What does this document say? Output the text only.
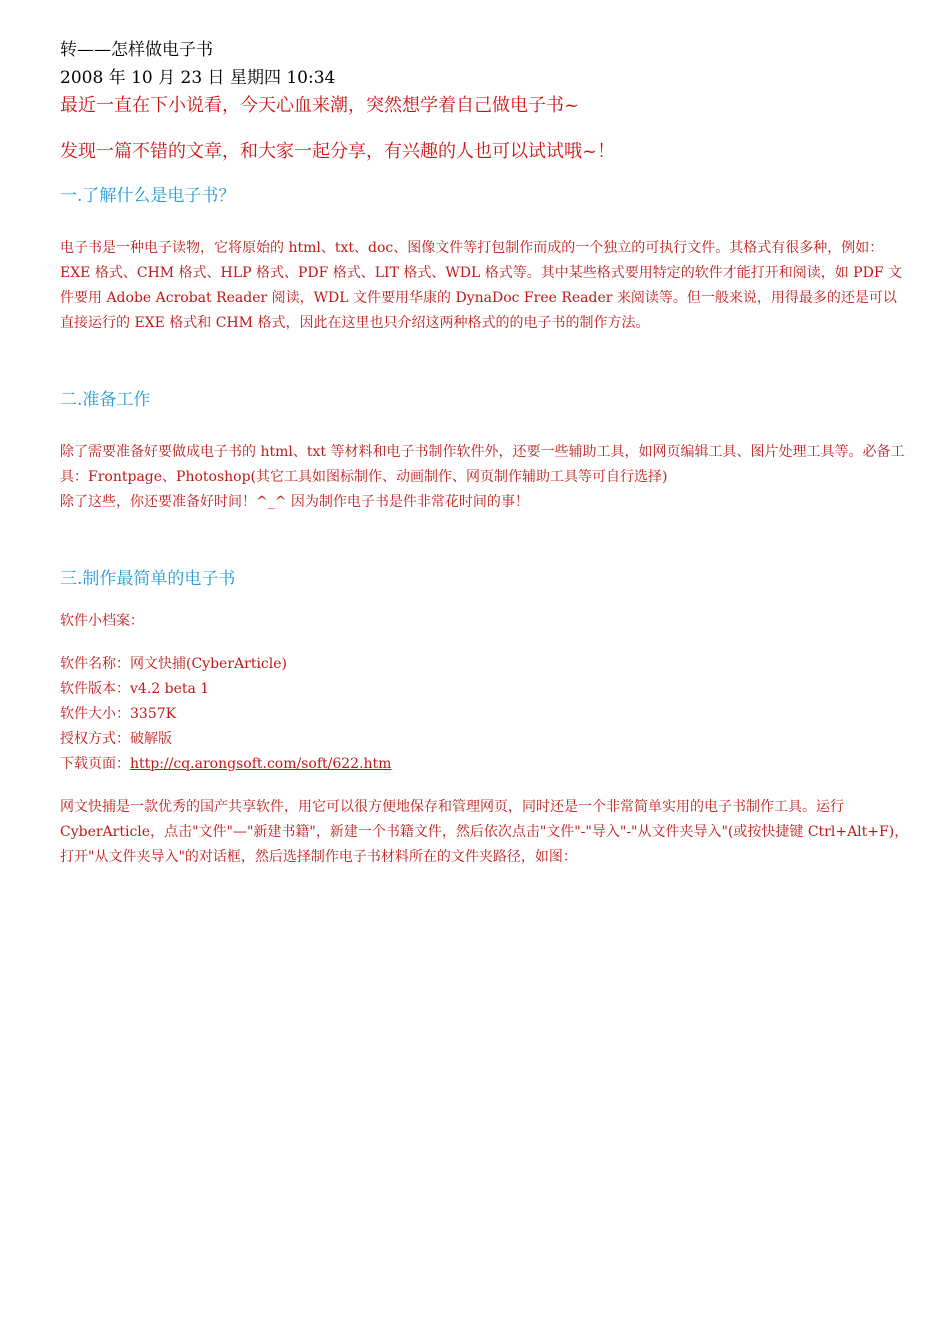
转——怎样做电子书

2008 年 10 月 23 日 星期四 10:34

最近一直在下小说看，今天心血来潮，突然想学着自己做电子书~

发现一篇不错的文章，和大家一起分享，有兴趣的人也可以试试哦~！

一.了解什么是电子书？

电子书是一种电子读物，它将原始的 html、txt、doc、图像文件等打包制作而成的一个独立的可执行文件。其格式有很多种，例如：EXE 格式、CHM 格式、HLP 格式、PDF 格式、LIT 格式、WDL 格式等。其中某些格式要用特定的软件才能打开和阅读，如 PDF 文件要用 Adobe Acrobat Reader 阅读，WDL 文件要用华康的 DynaDoc Free Reader 来阅读等。但一般来说，用得最多的还是可以直接运行的 EXE 格式和 CHM 格式，因此在这里也只介绍这两种格式的的电子书的制作方法。

二.准备工作

除了需要准备好要做成电子书的 html、txt 等材料和电子书制作软件外，还要一些辅助工具，如网页编辑工具、图片处理工具等。必备工具：Frontpage、Photoshop(其它工具如图标制作、动画制作、网页制作辅助工具等可自行选择)

除了这些，你还要准备好时间！^_^ 因为制作电子书是件非常花时间的事！

三.制作最简单的电子书

软件小档案：

软件名称：网文快捕(CyberArticle)

软件版本：v4.2 beta 1

软件大小：3357K

授权方式：破解版

下载页面：http://cq.arongsoft.com/soft/622.htm

网文快捕是一款优秀的国产共享软件，用它可以很方便地保存和管理网页，同时还是一个非常简单实用的电子书制作工具。运行 CyberArticle，点击"文件"—"新建书籍"，新建一个书籍文件，然后依次点击"文件"-"导入"-"从文件夹导入"(或按快捷键 Ctrl+Alt+F)，打开"从文件夹导入"的对话框，然后选择制作电子书材料所在的文件夹路径，如图：
